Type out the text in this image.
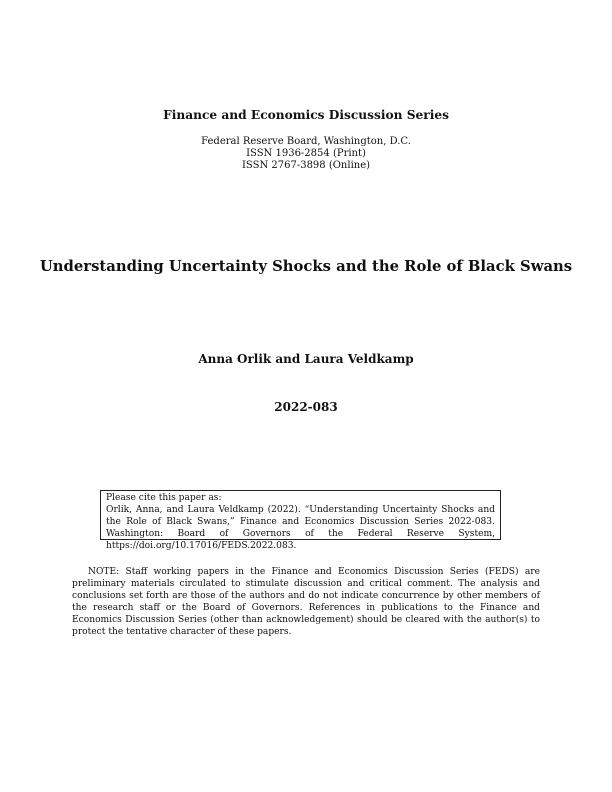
Finance and Economics Discussion Series
Federal Reserve Board, Washington, D.C.
ISSN 1936-2854 (Print)
ISSN 2767-3898 (Online)
Understanding Uncertainty Shocks and the Role of Black Swans
Anna Orlik and Laura Veldkamp
2022-083
Please cite this paper as:
Orlik, Anna, and Laura Veldkamp (2022). “Understanding Uncertainty Shocks and the Role of Black Swans,” Finance and Economics Discussion Series 2022-083. Washington: Board of Governors of the Federal Reserve System, https://doi.org/10.17016/FEDS.2022.083.
NOTE: Staff working papers in the Finance and Economics Discussion Series (FEDS) are preliminary materials circulated to stimulate discussion and critical comment. The analysis and conclusions set forth are those of the authors and do not indicate concurrence by other members of the research staff or the Board of Governors. References in publications to the Finance and Economics Discussion Series (other than acknowledgement) should be cleared with the author(s) to protect the tentative character of these papers.
